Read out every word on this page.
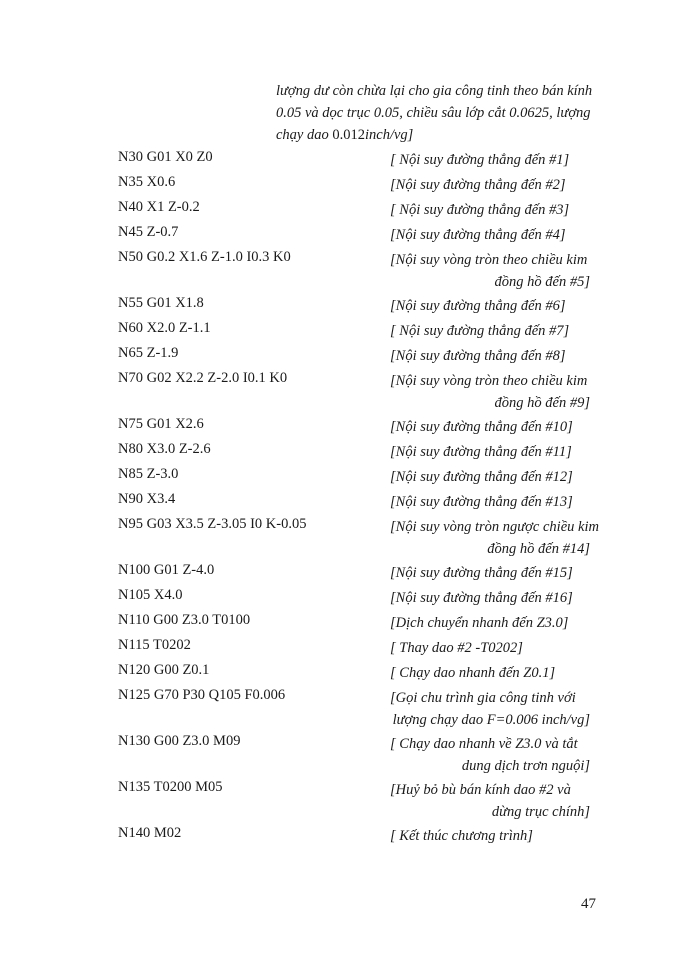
lượng dư còn chừa lại cho gia công tinh theo bán kính
0.05 và dọc trục 0.05, chiều sâu lớp cắt 0.0625, lượng
chạy dao 0.012inch/vg]
N30 G01 X0 Z0	[ Nội suy đường thẳng đến #1]
N35 X0.6	[Nội suy đường thẳng đến #2]
N40 X1 Z-0.2	[ Nội suy đường thẳng đến #3]
N45 Z-0.7	[Nội suy đường thẳng đến #4]
N50 G0.2 X1.6 Z-1.0 I0.3 K0	[Nội suy vòng tròn theo chiều kim
đồng hồ đến #5]
N55 G01 X1.8	[Nội suy đường thẳng đến #6]
N60 X2.0 Z-1.1	[ Nội suy đường thẳng đến #7]
N65 Z-1.9	[Nội suy đường thẳng đến #8]
N70 G02 X2.2 Z-2.0 I0.1 K0	[Nội suy vòng tròn theo chiều kim
đồng hồ đến #9]
N75 G01 X2.6	[Nội suy đường thẳng đến #10]
N80 X3.0 Z-2.6	[Nội suy đường thẳng đến #11]
N85 Z-3.0	[Nội suy đường thẳng đến #12]
N90 X3.4	[Nội suy đường thẳng đến #13]
N95 G03 X3.5 Z-3.05 I0 K-0.05	[Nội suy vòng tròn ngược chiều kim
đồng hồ đến #14]
N100 G01 Z-4.0	[Nội suy đường thẳng đến #15]
N105 X4.0	[Nội suy đường thẳng đến #16]
N110 G00 Z3.0 T0100	[Dịch chuyển nhanh đến Z3.0]
N115 T0202	[ Thay dao #2 -T0202]
N120 G00 Z0.1	[ Chạy dao nhanh đến Z0.1]
N125 G70 P30 Q105 F0.006	[Gọi chu trình gia công tinh với
lượng chạy dao F=0.006 inch/vg]
N130 G00 Z3.0 M09	[ Chạy dao nhanh về Z3.0 và tắt
dung dịch trơn nguội]
N135 T0200 M05	[Huỷ bỏ bù bán kính dao #2 và
dừng trục chính]
N140 M02	[ Kết thúc chương trình]
47
